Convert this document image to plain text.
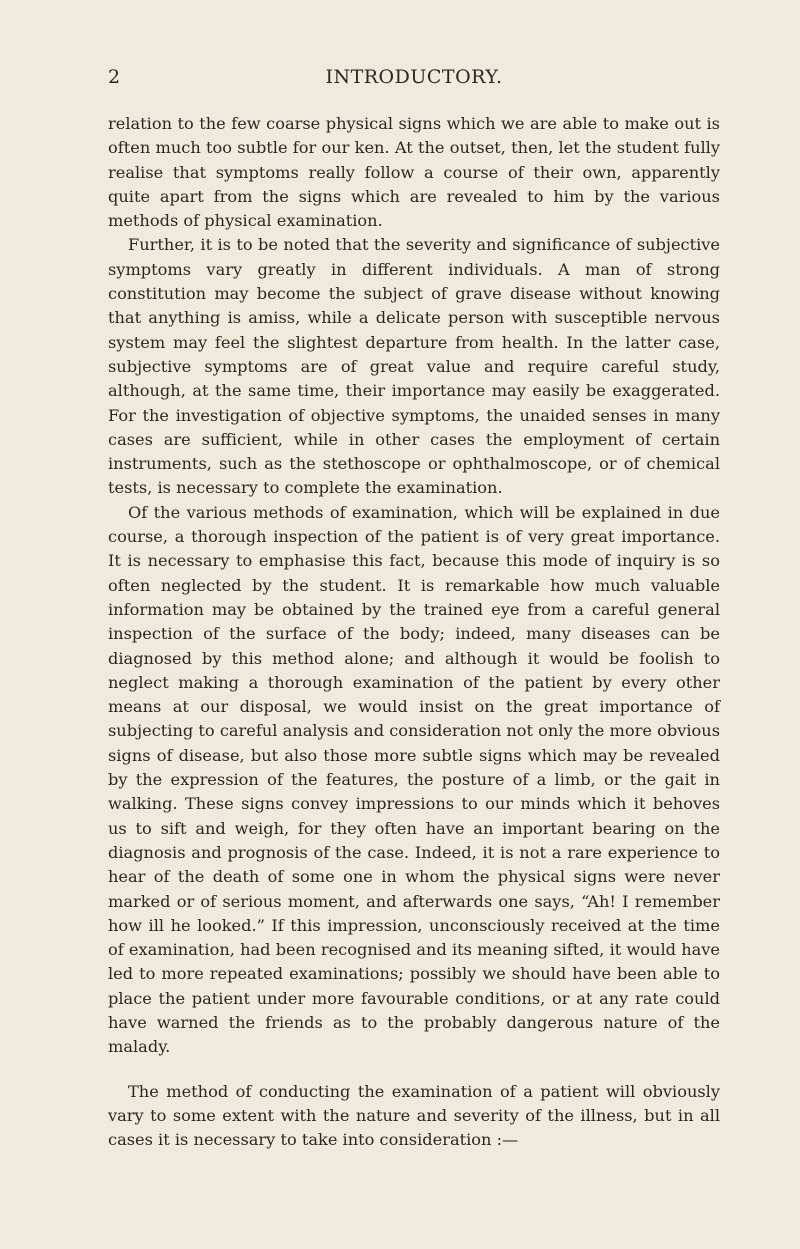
2	INTRODUCTORY.

relation to the few coarse physical signs which we are able to make out is often much too subtle for our ken. At the outset, then, let the student fully realise that symptoms really follow a course of their own, apparently quite apart from the signs which are revealed to him by the various methods of physical examination.

Further, it is to be noted that the severity and significance of subjective symptoms vary greatly in different individuals. A man of strong constitution may become the subject of grave disease without knowing that anything is amiss, while a delicate person with susceptible nervous system may feel the slightest departure from health. In the latter case, subjective symptoms are of great value and require careful study, although, at the same time, their importance may easily be exaggerated. For the investigation of objective symptoms, the unaided senses in many cases are sufficient, while in other cases the employment of certain instruments, such as the stethoscope or ophthalmoscope, or of chemical tests, is necessary to complete the examination.

Of the various methods of examination, which will be explained in due course, a thorough inspection of the patient is of very great importance. It is necessary to emphasise this fact, because this mode of inquiry is so often neglected by the student. It is remarkable how much valuable information may be obtained by the trained eye from a careful general inspection of the surface of the body; indeed, many diseases can be diagnosed by this method alone; and although it would be foolish to neglect making a thorough examination of the patient by every other means at our disposal, we would insist on the great importance of subjecting to careful analysis and consideration not only the more obvious signs of disease, but also those more subtle signs which may be revealed by the expression of the features, the posture of a limb, or the gait in walking. These signs convey impressions to our minds which it behoves us to sift and weigh, for they often have an important bearing on the diagnosis and prognosis of the case. Indeed, it is not a rare experience to hear of the death of some one in whom the physical signs were never marked or of serious moment, and afterwards one says, “Ah! I remember how ill he looked.” If this impression, unconsciously received at the time of examination, had been recognised and its meaning sifted, it would have led to more repeated examinations; possibly we should have been able to place the patient under more favourable conditions, or at any rate could have warned the friends as to the probably dangerous nature of the malady.

The method of conducting the examination of a patient will obviously vary to some extent with the nature and severity of the illness, but in all cases it is necessary to take into consideration :—
